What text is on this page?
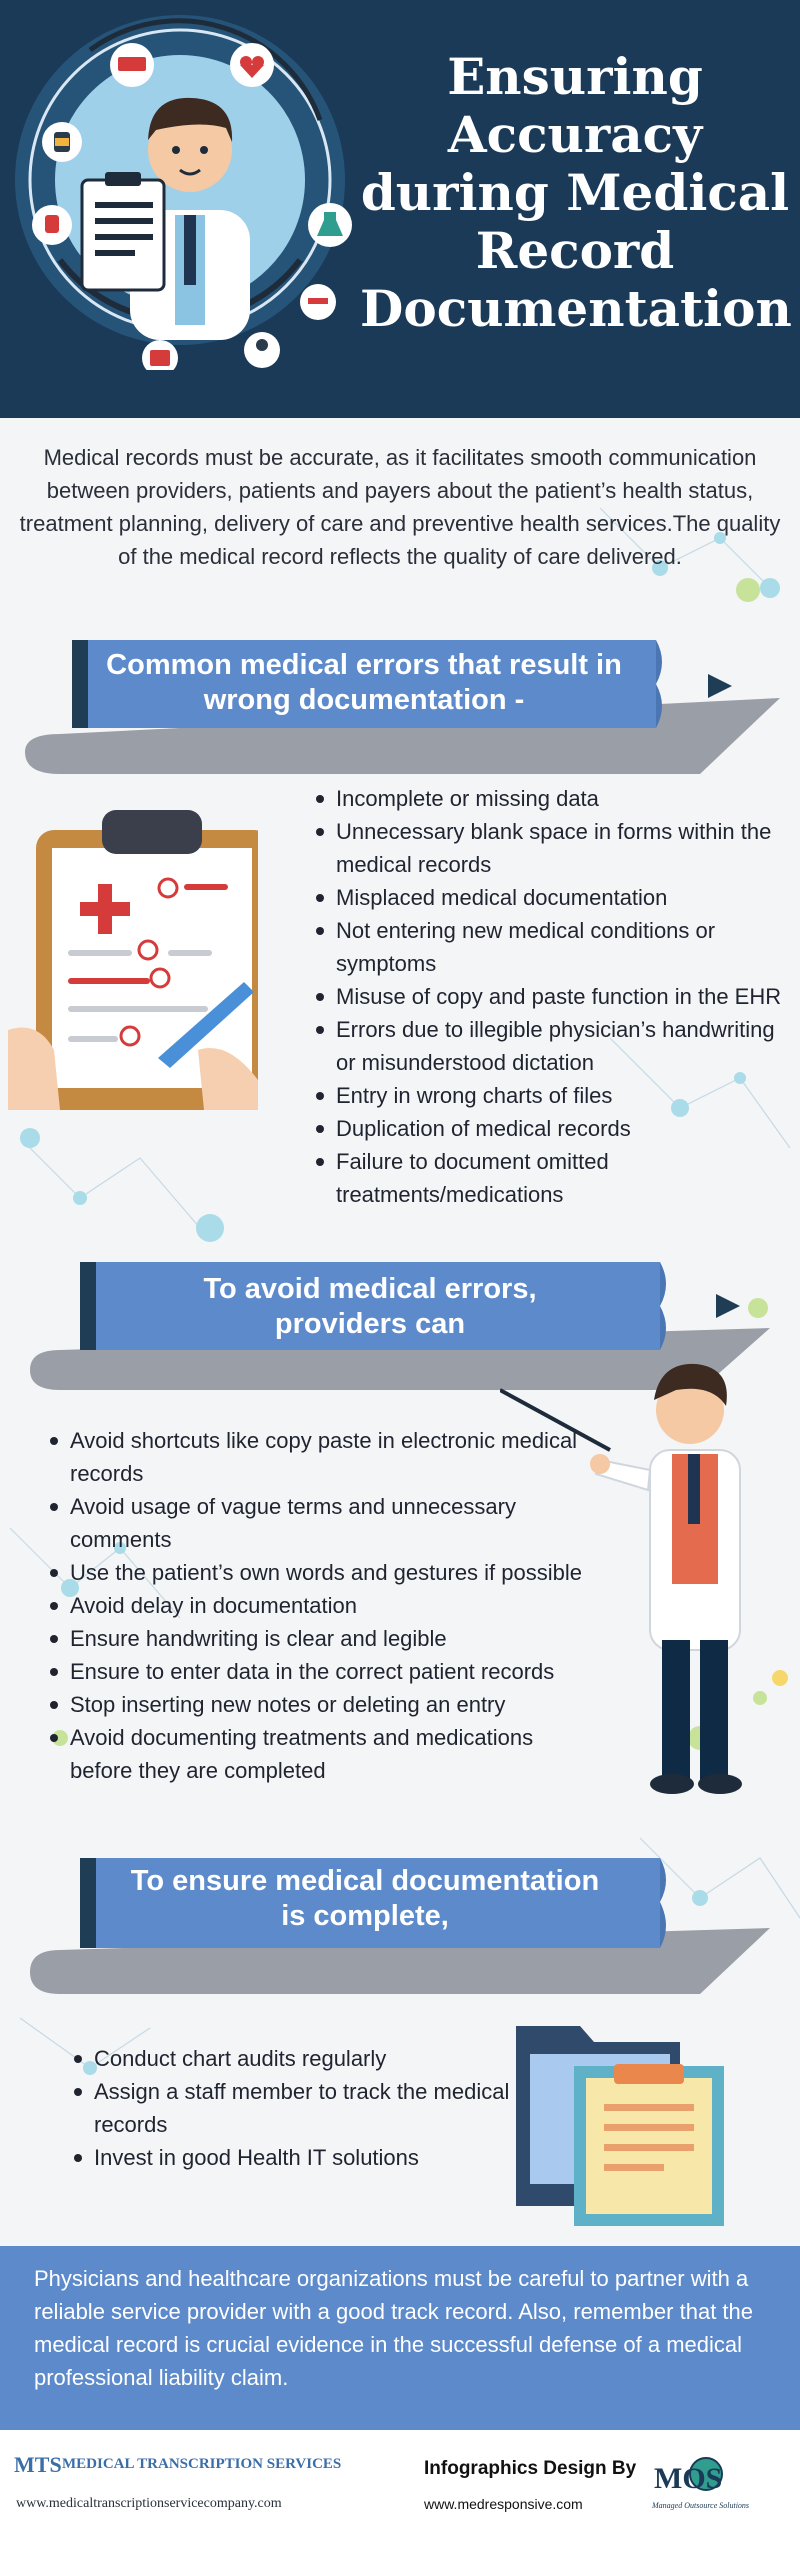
Ensuring Accuracy during Medical Record Documentation

Medical records must be accurate, as it facilitates smooth communication between providers, patients and payers about the patient’s health status, treatment planning, delivery of care and preventive health services.The quality of the medical record reflects the quality of care delivered.

Common medical errors that result in wrong documentation -
Incomplete or missing data
Unnecessary blank space in forms within the medical records
Misplaced medical documentation
Not entering new medical conditions or symptoms
Misuse of copy and paste function in the EHR
Errors due to illegible physician’s handwriting or misunderstood dictation
Entry in wrong charts of files
Duplication of medical records
Failure to document omitted treatments/medications
To avoid medical errors, providers can
Avoid shortcuts like copy paste in electronic medical records
Avoid usage of vague terms and unnecessary comments
Use the patient’s own words and gestures if possible
Avoid delay in documentation
Ensure handwriting is clear and legible
Ensure to enter data in the correct patient records
Stop inserting new notes or deleting an entry
Avoid documenting treatments and medications before they are completed
To ensure medical documentation is complete,
Conduct chart audits regularly
Assign a staff member to track the medical records
Invest in good Health IT solutions

Physicians and healthcare organizations must be careful to partner with a reliable service provider with a good track record. Also, remember that the medical record is crucial evidence in the successful defense of a medical professional liability claim.

MTS MEDICAL TRANSCRIPTION SERVICES
www.medicaltranscriptionservicecompany.com
Infographics Design By
www.medresponsive.com
MOS
Managed Outsource Solutions
